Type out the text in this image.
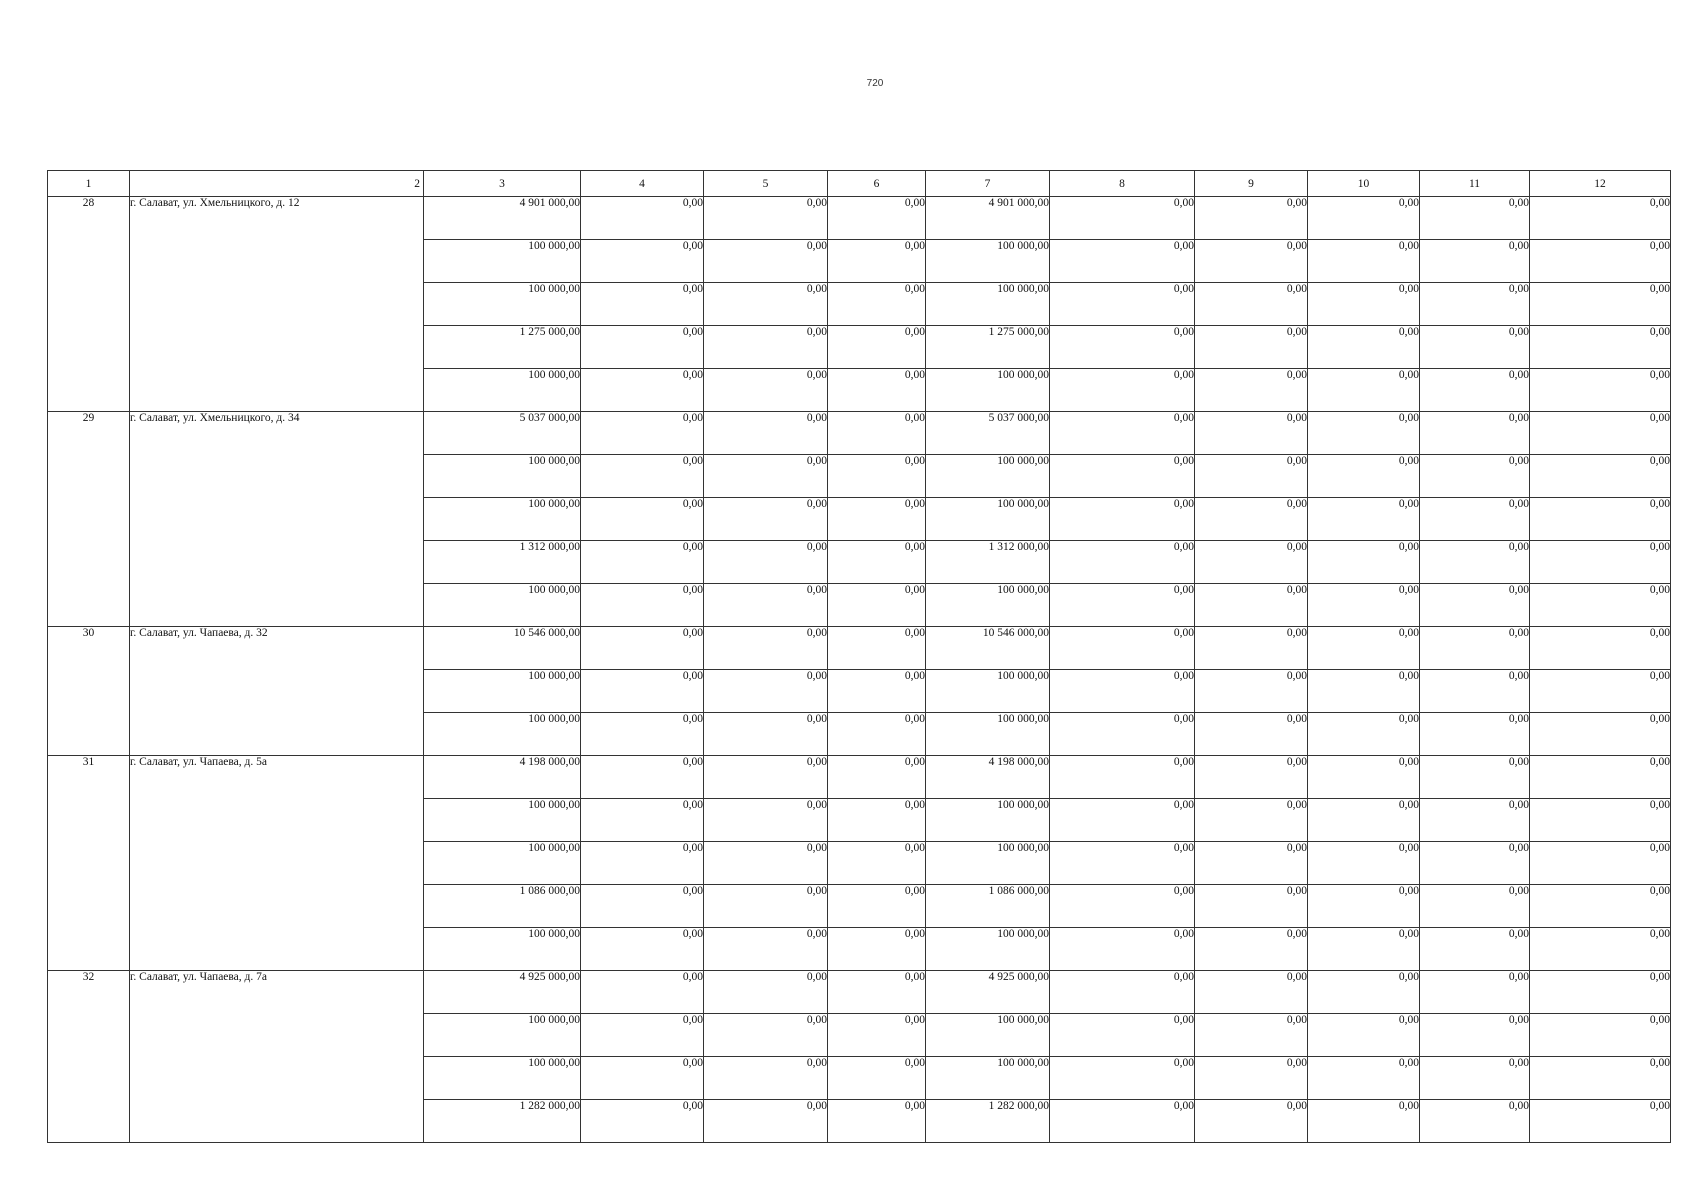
720
1	2	3	4	5	6	7	8	9	10	11	12
28	г. Салават, ул. Хмельницкого, д. 12	4 901 000,00	0,00	0,00	0,00	4 901 000,00	0,00	0,00	0,00	0,00	0,00
		100 000,00	0,00	0,00	0,00	100 000,00	0,00	0,00	0,00	0,00	0,00
		100 000,00	0,00	0,00	0,00	100 000,00	0,00	0,00	0,00	0,00	0,00
		1 275 000,00	0,00	0,00	0,00	1 275 000,00	0,00	0,00	0,00	0,00	0,00
		100 000,00	0,00	0,00	0,00	100 000,00	0,00	0,00	0,00	0,00	0,00
29	г. Салават, ул. Хмельницкого, д. 34	5 037 000,00	0,00	0,00	0,00	5 037 000,00	0,00	0,00	0,00	0,00	0,00
		100 000,00	0,00	0,00	0,00	100 000,00	0,00	0,00	0,00	0,00	0,00
		100 000,00	0,00	0,00	0,00	100 000,00	0,00	0,00	0,00	0,00	0,00
		1 312 000,00	0,00	0,00	0,00	1 312 000,00	0,00	0,00	0,00	0,00	0,00
		100 000,00	0,00	0,00	0,00	100 000,00	0,00	0,00	0,00	0,00	0,00
30	г. Салават, ул. Чапаева, д. 32	10 546 000,00	0,00	0,00	0,00	10 546 000,00	0,00	0,00	0,00	0,00	0,00
		100 000,00	0,00	0,00	0,00	100 000,00	0,00	0,00	0,00	0,00	0,00
		100 000,00	0,00	0,00	0,00	100 000,00	0,00	0,00	0,00	0,00	0,00
31	г. Салават, ул. Чапаева, д. 5а	4 198 000,00	0,00	0,00	0,00	4 198 000,00	0,00	0,00	0,00	0,00	0,00
		100 000,00	0,00	0,00	0,00	100 000,00	0,00	0,00	0,00	0,00	0,00
		100 000,00	0,00	0,00	0,00	100 000,00	0,00	0,00	0,00	0,00	0,00
		1 086 000,00	0,00	0,00	0,00	1 086 000,00	0,00	0,00	0,00	0,00	0,00
		100 000,00	0,00	0,00	0,00	100 000,00	0,00	0,00	0,00	0,00	0,00
32	г. Салават, ул. Чапаева, д. 7а	4 925 000,00	0,00	0,00	0,00	4 925 000,00	0,00	0,00	0,00	0,00	0,00
		100 000,00	0,00	0,00	0,00	100 000,00	0,00	0,00	0,00	0,00	0,00
		100 000,00	0,00	0,00	0,00	100 000,00	0,00	0,00	0,00	0,00	0,00
		1 282 000,00	0,00	0,00	0,00	1 282 000,00	0,00	0,00	0,00	0,00	0,00
